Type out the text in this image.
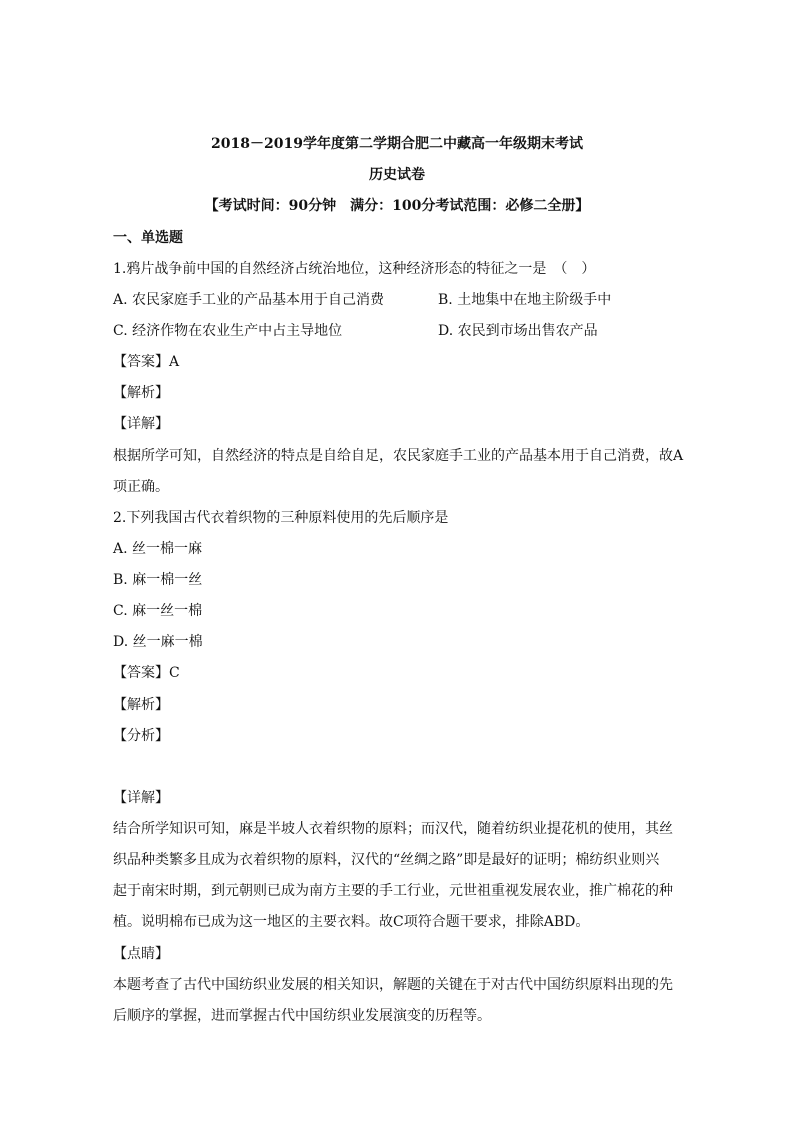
2018－2019学年度第二学期合肥二中藏高一年级期末考试
历史试卷
【考试时间：90分钟　满分：100分考试范围：必修二全册】
一、单选题
1.鸦片战争前中国的自然经济占统治地位，这种经济形态的特征之一是　（　）
A. 农民家庭手工业的产品基本用于自己消费	B. 土地集中在地主阶级手中
C. 经济作物在农业生产中占主导地位	D. 农民到市场出售农产品
【答案】A
【解析】
【详解】
根据所学可知，自然经济的特点是自给自足，农民家庭手工业的产品基本用于自己消费，故A
项正确。
2.下列我国古代衣着织物的三种原料使用的先后顺序是
A. 丝一棉一麻
B. 麻一棉一丝
C. 麻一丝一棉
D. 丝一麻一棉
【答案】C
【解析】
【分析】
【详解】
结合所学知识可知，麻是半坡人衣着织物的原料；而汉代，随着纺织业提花机的使用，其丝
织品种类繁多且成为衣着织物的原料，汉代的“丝绸之路”即是最好的证明；棉纺织业则兴
起于南宋时期，到元朝则已成为南方主要的手工行业，元世祖重视发展农业，推广棉花的种
植。说明棉布已成为这一地区的主要衣料。故C项符合题干要求，排除ABD。
【点睛】
本题考查了古代中国纺织业发展的相关知识，解题的关键在于对古代中国纺织原料出现的先
后顺序的掌握，进而掌握古代中国纺织业发展演变的历程等。
